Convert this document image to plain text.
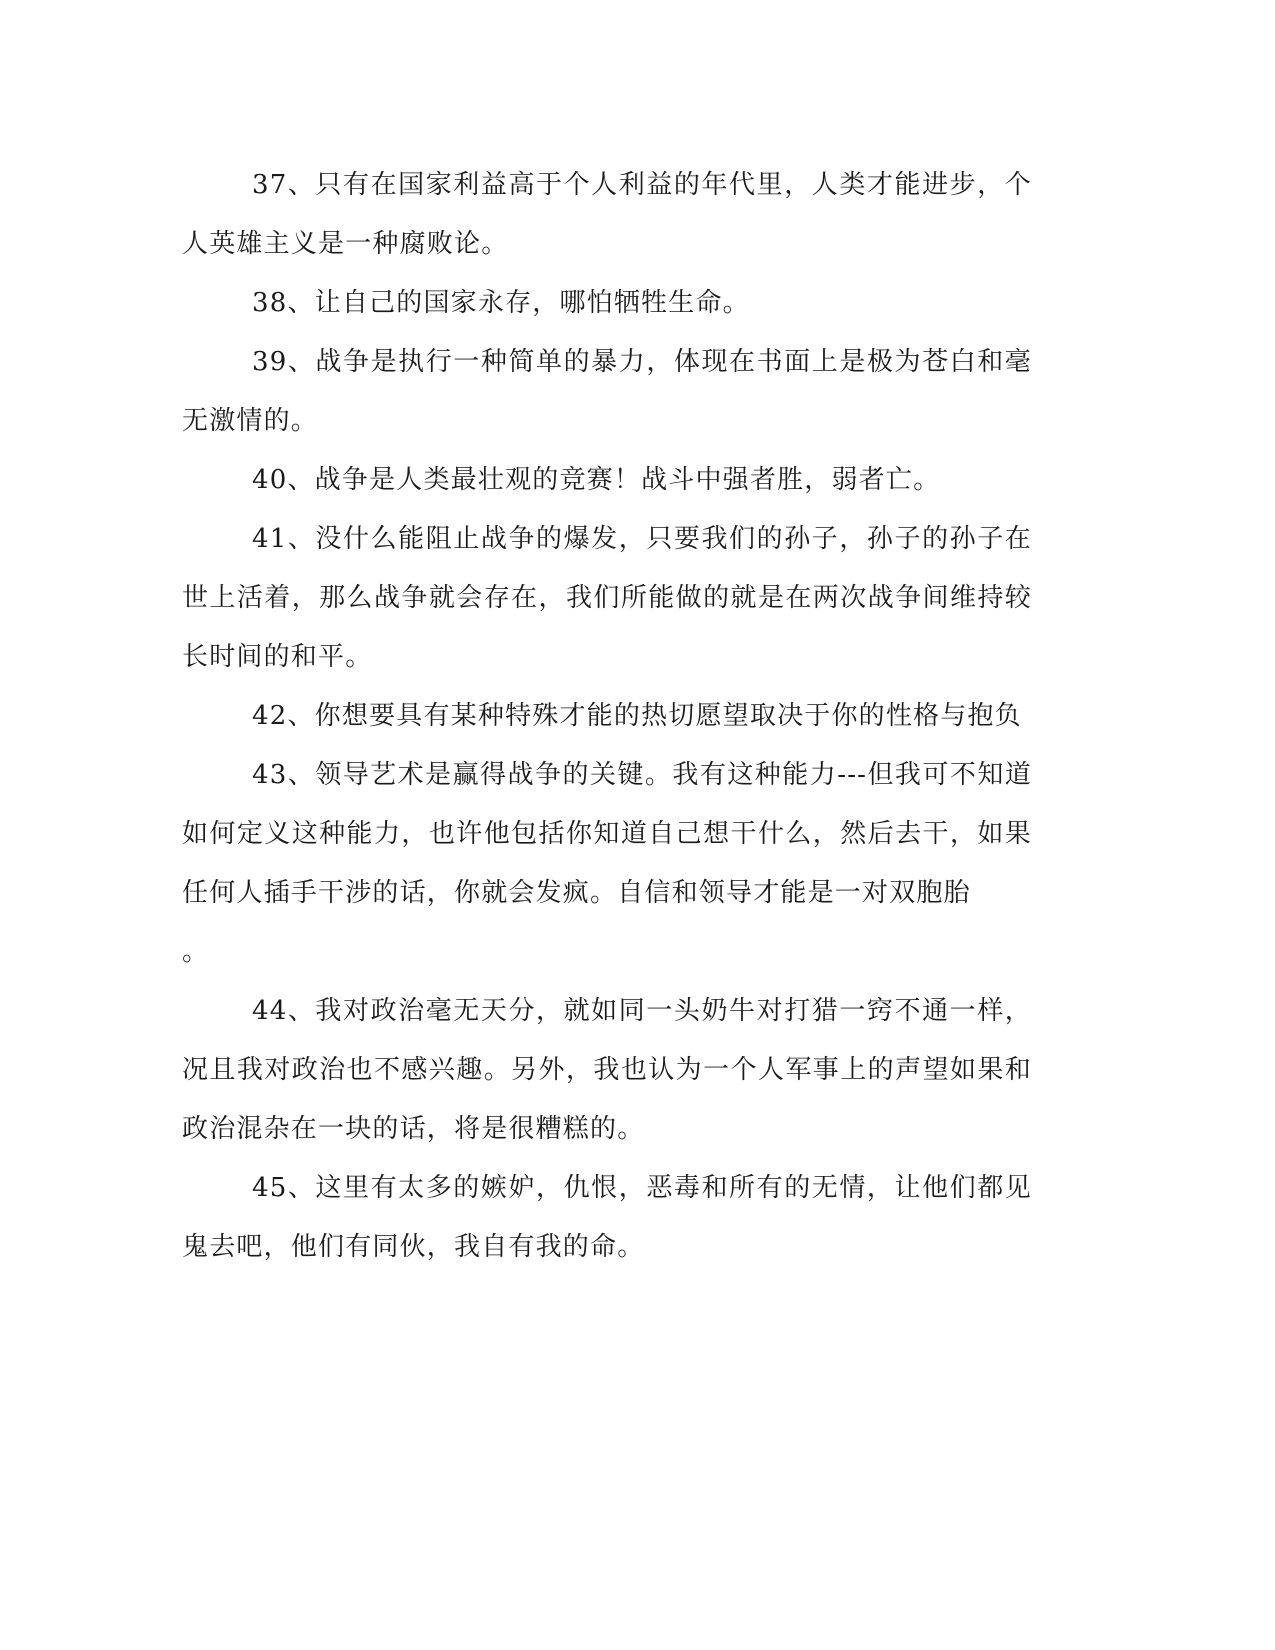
37、只有在国家利益高于个人利益的年代里，人类才能进步，个人英雄主义是一种腐败论。

38、让自己的国家永存，哪怕牺牲生命。

39、战争是执行一种简单的暴力，体现在书面上是极为苍白和毫无激情的。

40、战争是人类最壮观的竞赛！战斗中强者胜，弱者亡。

41、没什么能阻止战争的爆发，只要我们的孙子，孙子的孙子在世上活着，那么战争就会存在，我们所能做的就是在两次战争间维持较长时间的和平。

42、你想要具有某种特殊才能的热切愿望取决于你的性格与抱负

43、领导艺术是赢得战争的关键。我有这种能力---但我可不知道如何定义这种能力，也许他包括你知道自己想干什么，然后去干，如果任何人插手干涉的话，你就会发疯。自信和领导才能是一对双胞胎

。

44、我对政治毫无天分，就如同一头奶牛对打猎一窍不通一样，况且我对政治也不感兴趣。另外，我也认为一个人军事上的声望如果和政治混杂在一块的话，将是很糟糕的。

45、这里有太多的嫉妒，仇恨，恶毒和所有的无情，让他们都见鬼去吧，他们有同伙，我自有我的命。
